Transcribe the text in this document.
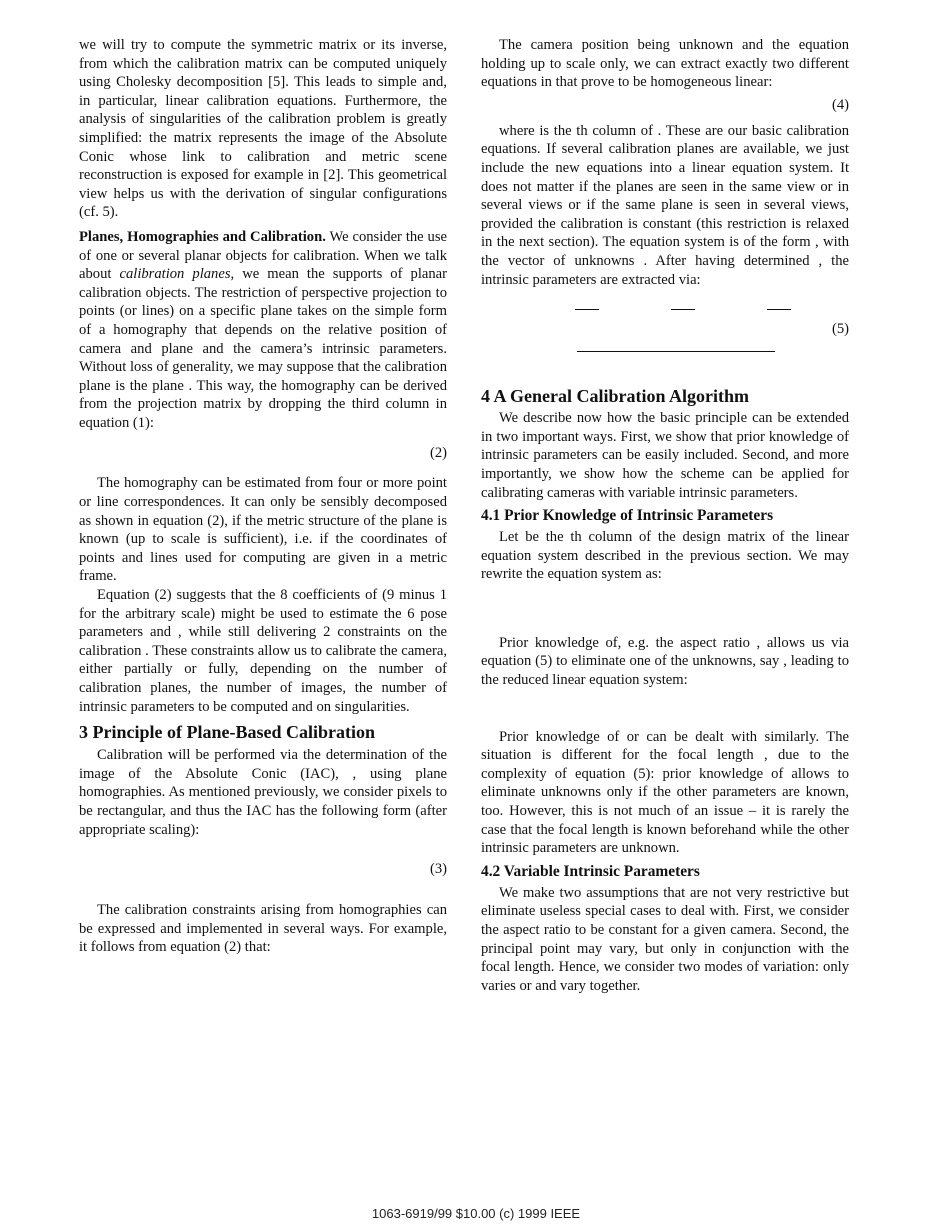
we will try to compute the symmetric matrix or its inverse, from which the calibration matrix can be computed uniquely using Cholesky decomposition [5]. This leads to simple and, in particular, linear calibration equations. Furthermore, the analysis of singularities of the calibration problem is greatly simplified: the matrix represents the image of the Absolute Conic whose link to calibration and metric scene reconstruction is exposed for example in [2]. This geometrical view helps us with the derivation of singular configurations (cf. 5).

Planes, Homographies and Calibration. We consider the use of one or several planar objects for calibration. When we talk about calibration planes, we mean the supports of planar calibration objects. The restriction of perspective projection to points (or lines) on a specific plane takes on the simple form of a homography that depends on the relative position of camera and plane and the camera’s intrinsic parameters. Without loss of generality, we may suppose that the calibration plane is the plane . This way, the homography can be derived from the projection matrix by dropping the third column in equation (1):

(2)

The homography can be estimated from four or more point or line correspondences. It can only be sensibly decomposed as shown in equation (2), if the metric structure of the plane is known (up to scale is sufficient), i.e. if the coordinates of points and lines used for computing are given in a metric frame.

Equation (2) suggests that the 8 coefficients of (9 minus 1 for the arbitrary scale) might be used to estimate the 6 pose parameters and , while still delivering 2 constraints on the calibration . These constraints allow us to calibrate the camera, either partially or fully, depending on the number of calibration planes, the number of images, the number of intrinsic parameters to be computed and on singularities.

3 Principle of Plane-Based Calibration

Calibration will be performed via the determination of the image of the Absolute Conic (IAC), , using plane homographies. As mentioned previously, we consider pixels to be rectangular, and thus the IAC has the following form (after appropriate scaling):

(3)

The calibration constraints arising from homographies can be expressed and implemented in several ways. For example, it follows from equation (2) that:

The camera position being unknown and the equation holding up to scale only, we can extract exactly two different equations in that prove to be homogeneous linear:

(4)

where is the th column of . These are our basic calibration equations. If several calibration planes are available, we just include the new equations into a linear equation system. It does not matter if the planes are seen in the same view or in several views or if the same plane is seen in several views, provided the calibration is constant (this restriction is relaxed in the next section). The equation system is of the form , with the vector of unknowns . After having determined , the intrinsic parameters are extracted via:

(5)
4 A General Calibration Algorithm

We describe now how the basic principle can be extended in two important ways. First, we show that prior knowledge of intrinsic parameters can be easily included. Second, and more importantly, we show how the scheme can be applied for calibrating cameras with variable intrinsic parameters.

4.1 Prior Knowledge of Intrinsic Parameters

Let be the th column of the design matrix of the linear equation system described in the previous section. We may rewrite the equation system as:

Prior knowledge of, e.g. the aspect ratio , allows us via equation (5) to eliminate one of the unknowns, say , leading to the reduced linear equation system:

Prior knowledge of or can be dealt with similarly. The situation is different for the focal length , due to the complexity of equation (5): prior knowledge of allows to eliminate unknowns only if the other parameters are known, too. However, this is not much of an issue – it is rarely the case that the focal length is known beforehand while the other intrinsic parameters are unknown.

4.2 Variable Intrinsic Parameters

We make two assumptions that are not very restrictive but eliminate useless special cases to deal with. First, we consider the aspect ratio to be constant for a given camera. Second, the principal point may vary, but only in conjunction with the focal length. Hence, we consider two modes of variation: only varies or and vary together.

1063-6919/99 $10.00 (c) 1999 IEEE
